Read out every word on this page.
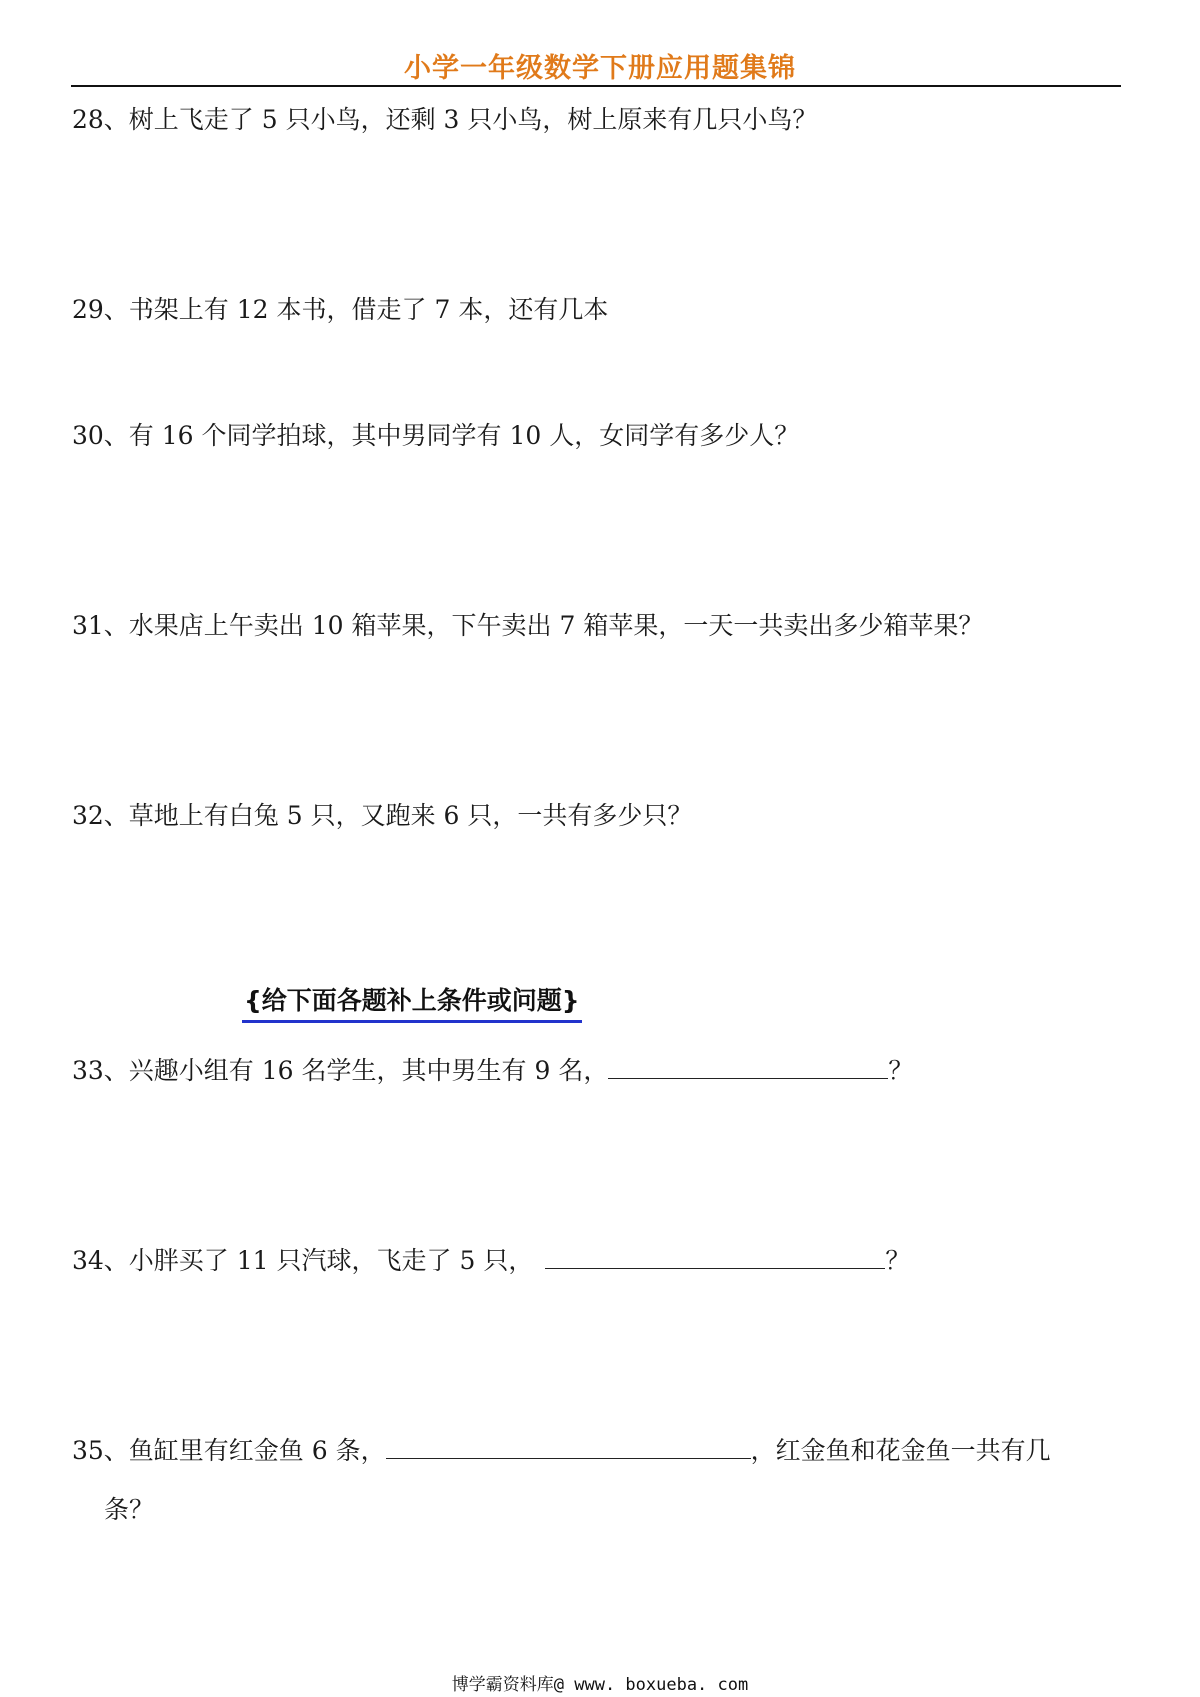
小学一年级数学下册应用题集锦
28、树上飞走了 5 只小鸟，还剩 3 只小鸟，树上原来有几只小鸟？
29、书架上有 12 本书，借走了 7 本，还有几本
30、有 16 个同学拍球，其中男同学有 10 人，女同学有多少人？
31、水果店上午卖出 10 箱苹果，下午卖出 7 箱苹果，一天一共卖出多少箱苹果？
32、草地上有白兔 5 只，又跑来 6 只，一共有多少只？
{给下面各题补上条件或问题}
33、兴趣小组有 16 名学生，其中男生有 9 名，	？
34、小胖买了 11 只汽球，飞走了 5 只，	？
35、鱼缸里有红金鱼 6 条，	，红金鱼和花金鱼一共有几
条？
博学霸资料库@ www. boxueba. com
